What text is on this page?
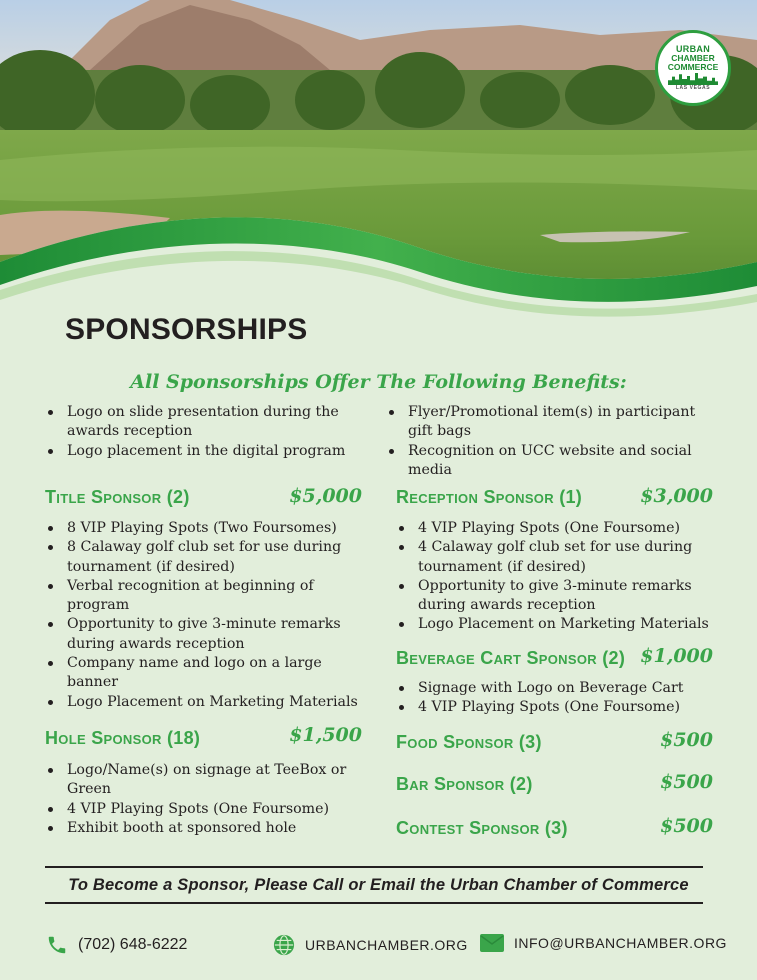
URBAN
CHAMBER
COMMERCE
LAS VEGAS
SPONSORSHIPS
All Sponsorships Offer The Following Benefits:
Logo on slide presentation during the awards reception
Logo placement in the digital program
Flyer/Promotional item(s) in participant gift bags
Recognition on UCC website and social media
Title Sponsor (2)	$5,000
8 VIP Playing Spots (Two Foursomes)
8 Calaway golf club set for use during tournament (if desired)
Verbal recognition at beginning of program
Opportunity to give 3-minute remarks during awards reception
Company name and logo on a large banner
Logo Placement on Marketing Materials
Hole Sponsor (18)	$1,500
Logo/Name(s) on signage at TeeBox or Green
4 VIP Playing Spots (One Foursome)
Exhibit booth at sponsored hole
Reception Sponsor (1)	$3,000
4 VIP Playing Spots (One Foursome)
4 Calaway golf club set for use during tournament (if desired)
Opportunity to give 3-minute remarks during awards reception
Logo Placement on Marketing Materials
Beverage Cart Sponsor (2) $1,000
Signage with Logo on Beverage Cart
4 VIP Playing Spots (One Foursome)
Food Sponsor (3)	$500
Bar Sponsor (2)	$500
Contest Sponsor (3)	$500
To Become a Sponsor, Please Call or Email the Urban Chamber of Commerce
(702) 648-6222	URBANCHAMBER.ORG	INFO@URBANCHAMBER.ORG
